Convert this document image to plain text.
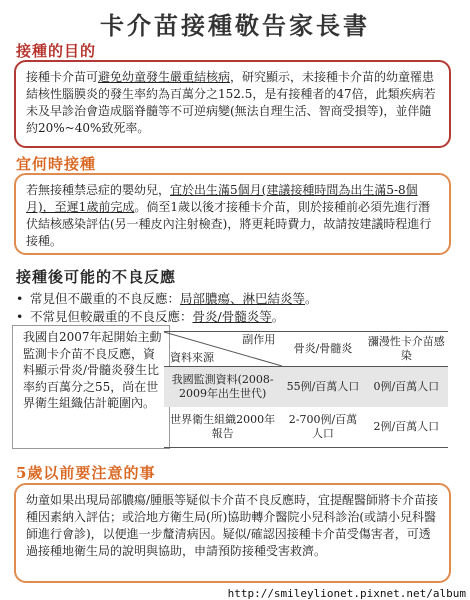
卡介苗接種敬告家長書
接種的目的
接種卡介苗可避免幼童發生嚴重結核病，研究顯示，未接種卡介苗的幼童罹患結核性腦膜炎的發生率約為百萬分之152.5，是有接種者的47倍，此類疾病若未及早診治會造成腦脊髓等不可逆病變(無法自理生活、智商受損等)，並伴隨約20%~40%致死率。
宜何時接種
若無接種禁忌症的嬰幼兒，宜於出生滿5個月(建議接種時間為出生滿5-8個月)，至遲1歲前完成。倘至1歲以後才接種卡介苗，則於接種前必須先進行潛伏結核感染評估(另一種皮內注射檢查)，將更耗時費力，故請按建議時程進行接種。
接種後可能的不良反應
• 常見但不嚴重的不良反應：局部膿瘍、淋巴結炎等。
• 不常見但較嚴重的不良反應：骨炎/骨髓炎等。
我國自2007年起開始主動監測卡介苗不良反應，資料顯示骨炎/骨髓炎發生比率約百萬分之55，尚在世界衛生組織估計範圍內。
副作用
資料來源	骨炎/骨髓炎	瀰漫性卡介苗感染
我國監測資料(2008-2009年出生世代)	55例/百萬人口	0例/百萬人口
世界衛生組織2000年報告	2-700例/百萬人口	2例/百萬人口
5歲以前要注意的事
幼童如果出現局部膿瘍/腫脹等疑似卡介苗不良反應時，宜提醒醫師將卡介苗接種因素納入評估；或洽地方衛生局(所)協助轉介醫院小兒科診治(或請小兒科醫師進行會診)，以便進一步釐清病因。疑似/確認因接種卡介苗受傷害者，可透過接種地衛生局的說明與協助，申請預防接種受害救濟。
http://smileylionet.pixnet.net/album
